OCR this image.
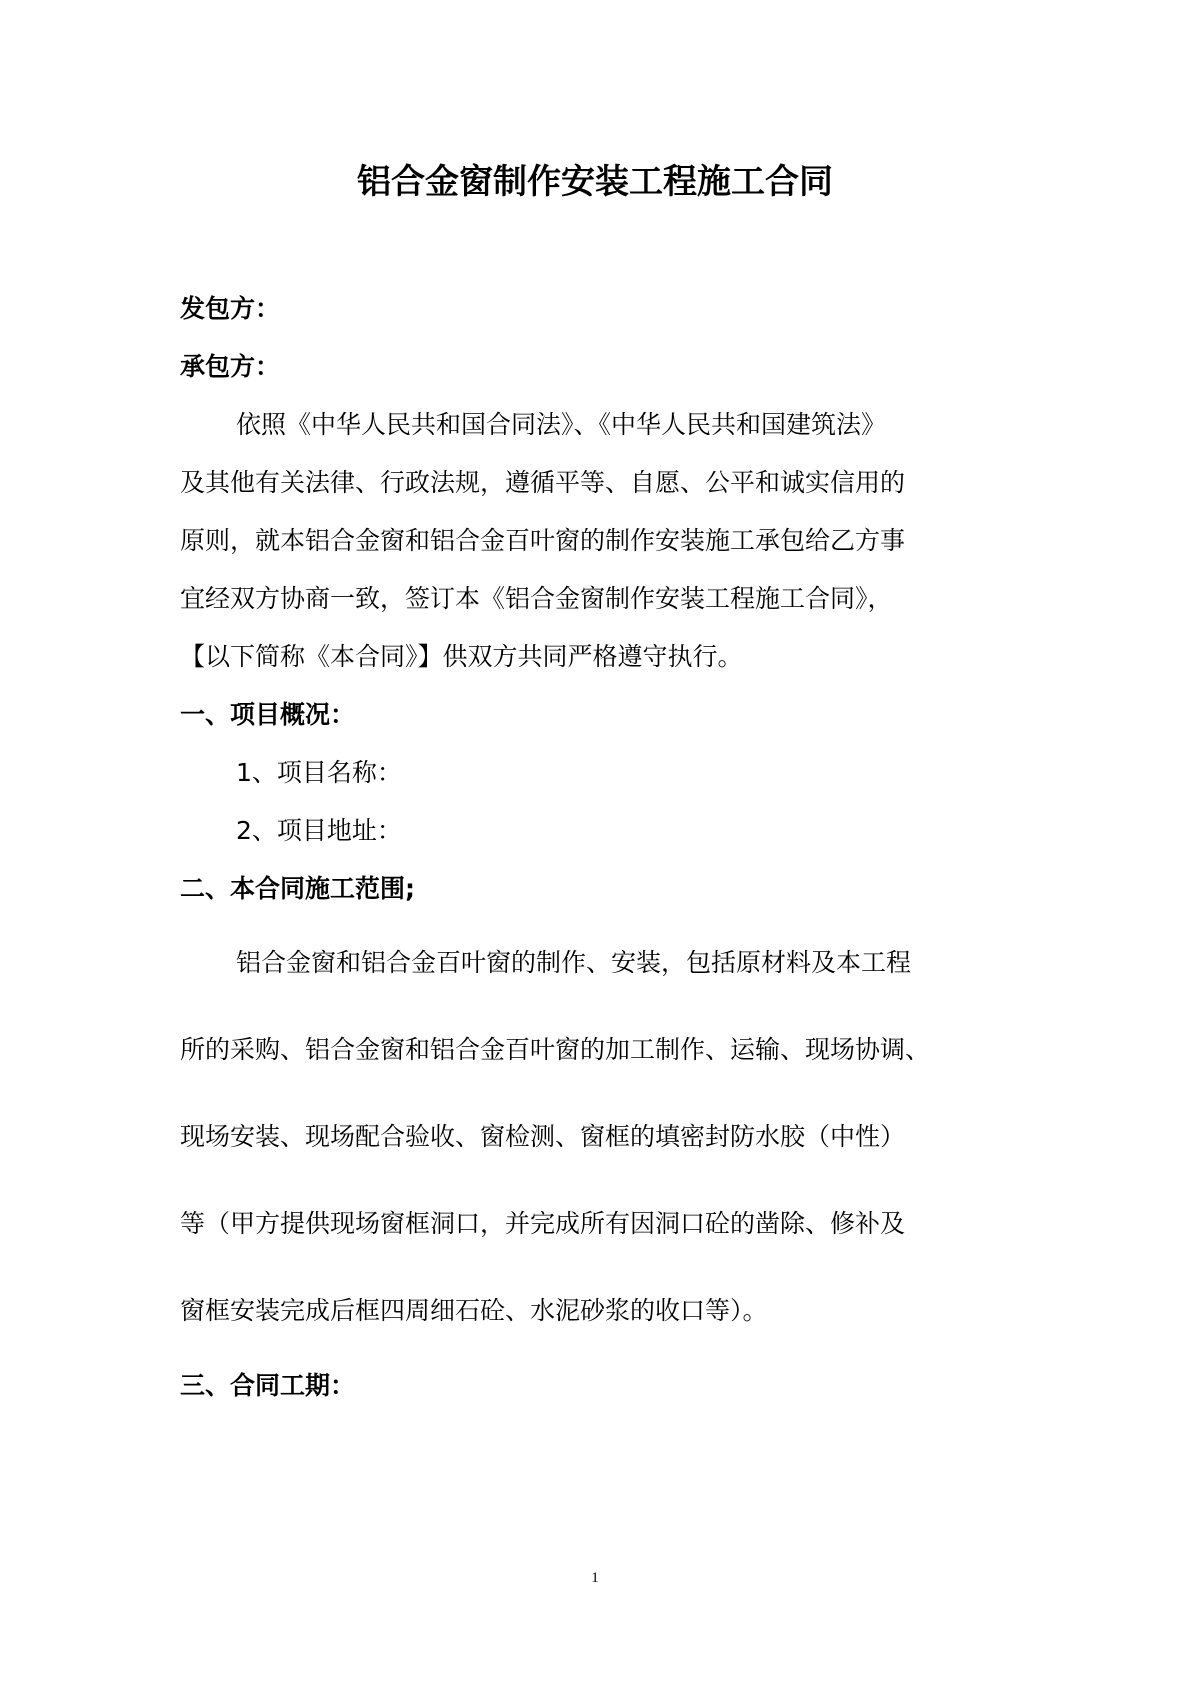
铝合金窗制作安装工程施工合同
发包方：
承包方：
依照《中华人民共和国合同法》、《中华人民共和国建筑法》
及其他有关法律、行政法规，遵循平等、自愿、公平和诚实信用的
原则，就本铝合金窗和铝合金百叶窗的制作安装施工承包给乙方事
宜经双方协商一致，签订本《铝合金窗制作安装工程施工合同》，
【以下简称《本合同》】供双方共同严格遵守执行。
一、项目概况：
1、项目名称：
2、项目地址：
二、本合同施工范围;
铝合金窗和铝合金百叶窗的制作、安装，包括原材料及本工程
所的采购、铝合金窗和铝合金百叶窗的加工制作、运输、现场协调、
现场安装、现场配合验收、窗检测、窗框的填密封防水胶（中性）
等（甲方提供现场窗框洞口，并完成所有因洞口砼的凿除、修补及
窗框安装完成后框四周细石砼、水泥砂浆的收口等）。
三、合同工期：
1
